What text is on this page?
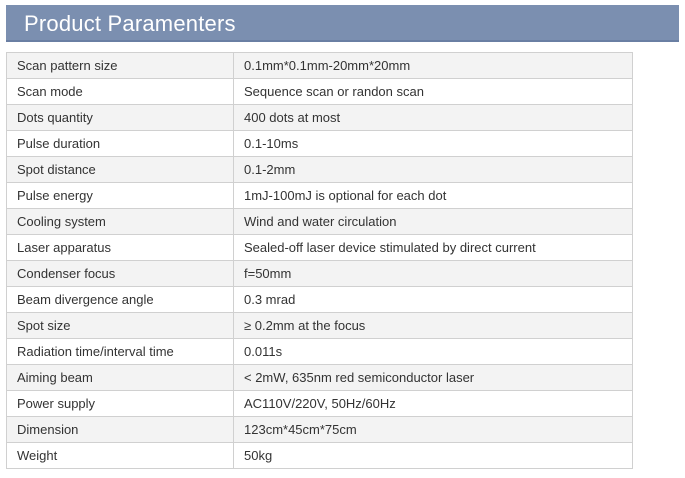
Product Paramenters
Scan pattern size	0.1mm*0.1mm-20mm*20mm
Scan mode	Sequence scan or randon scan
Dots quantity	400 dots at most
Pulse duration	0.1-10ms
Spot distance	0.1-2mm
Pulse energy	1mJ-100mJ is optional for each dot
Cooling system	Wind and water circulation
Laser apparatus	Sealed-off laser device stimulated by direct current
Condenser focus	f=50mm
Beam divergence angle	0.3 mrad
Spot size	≥ 0.2mm at the focus
Radiation time/interval time	0.011s
Aiming beam	< 2mW, 635nm red semiconductor laser
Power supply	AC110V/220V, 50Hz/60Hz
Dimension	123cm*45cm*75cm
Weight	50kg
